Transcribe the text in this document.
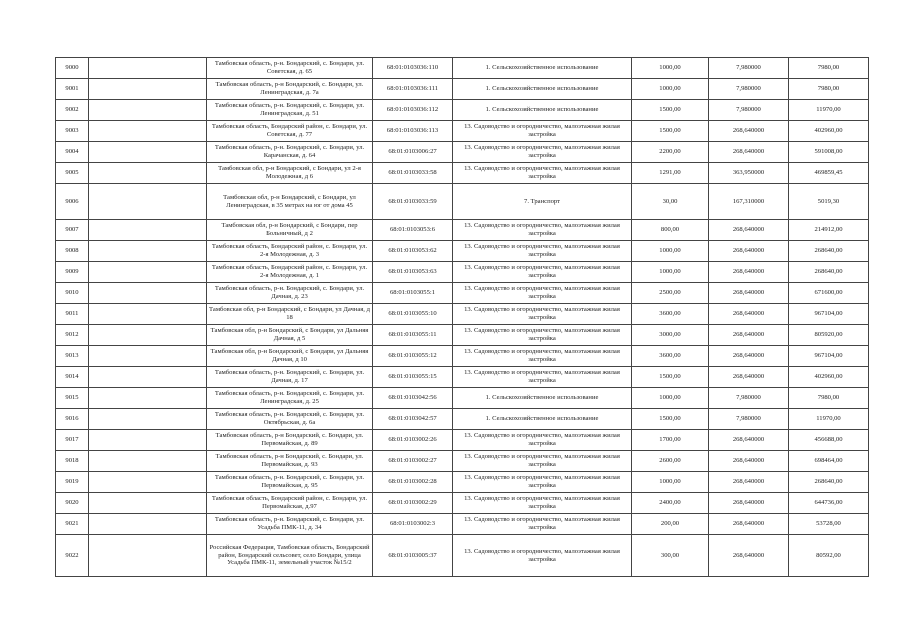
9000		Тамбовская область, р-н. Бондарский, с. Бондари, ул. Советская, д. 65	68:01:0103036:110	1. Сельскохозяйственное использование	1000,00	7,980000	7980,00
9001		Тамбовская область, р-н Бондарский, с. Бондари, ул. Ленинградская, д. 7а	68:01:0103036:111	1. Сельскохозяйственное использование	1000,00	7,980000	7980,00
9002		Тамбовская область, р-н. Бондарский, с. Бондари, ул. Ленинградская, д. 51	68:01:0103036:112	1. Сельскохозяйственное использование	1500,00	7,980000	11970,00
9003		Тамбовская область, Бондарский район, с. Бондари, ул. Советская, д. 77	68:01:0103036:113	13. Садоводство и огородничество, малоэтажная жилая застройка	1500,00	268,640000	402960,00
9004		Тамбовская область, р-н. Бондарский, с. Бондари, ул. Карачанская, д. 64	68:01:0103006:27	13. Садоводство и огородничество, малоэтажная жилая застройка	2200,00	268,640000	591008,00
9005		Тамбовская обл, р-н Бондарский, с Бондари, ул 2-я Молодежная, д 6	68:01:0103033:58	13. Садоводство и огородничество, малоэтажная жилая застройка	1291,00	363,950000	469859,45
9006		Тамбовская обл, р-н Бондарский, с Бондари, ул Ленинградская, в 35 метрах на юг от дома 45	68:01:0103033:59	7. Транспорт	30,00	167,310000	5019,30
9007		Тамбовская обл, р-н Бондарский, с Бондари, пер Больничный, д 2	68:01:0103053:6	13. Садоводство и огородничество, малоэтажная жилая застройка	800,00	268,640000	214912,00
9008		Тамбовская область, Бондарский район, с. Бондари, ул. 2-я Молодежная, д. 3	68:01:0103053:62	13. Садоводство и огородничество, малоэтажная жилая застройка	1000,00	268,640000	268640,00
9009		Тамбовская область, Бондарский район, с. Бондари, ул. 2-я Молодежная, д. 1	68:01:0103053:63	13. Садоводство и огородничество, малоэтажная жилая застройка	1000,00	268,640000	268640,00
9010		Тамбовская область, р-н. Бондарский, с. Бондари, ул. Дачная, д. 23	68:01:0103055:1	13. Садоводство и огородничество, малоэтажная жилая застройка	2500,00	268,640000	671600,00
9011		Тамбовская обл, р-н Бондарский, с Бондари, ул Дачная, д 18	68:01:0103055:10	13. Садоводство и огородничество, малоэтажная жилая застройка	3600,00	268,640000	967104,00
9012		Тамбовская обл, р-н Бондарский, с Бондари, ул Дальняя Дачная, д 5	68:01:0103055:11	13. Садоводство и огородничество, малоэтажная жилая застройка	3000,00	268,640000	805920,00
9013		Тамбовская обл, р-н Бондарский, с Бондари, ул Дальняя Дачная, д 10	68:01:0103055:12	13. Садоводство и огородничество, малоэтажная жилая застройка	3600,00	268,640000	967104,00
9014		Тамбовская область, р-н. Бондарский, с. Бондари, ул. Дачная, д. 17	68:01:0103055:15	13. Садоводство и огородничество, малоэтажная жилая застройка	1500,00	268,640000	402960,00
9015		Тамбовская область, р-н. Бондарский, с. Бондари, ул. Ленинградская, д. 25	68:01:0103042:56	1. Сельскохозяйственное использование	1000,00	7,980000	7980,00
9016		Тамбовская область, р-н. Бондарский, с. Бондари, ул. Октябрьская, д. 6а	68:01:0103042:57	1. Сельскохозяйственное использование	1500,00	7,980000	11970,00
9017		Тамбовская область, р-н Бондарский, с. Бондари, ул. Первомайская, д. 89	68:01:0103002:26	13. Садоводство и огородничество, малоэтажная жилая застройка	1700,00	268,640000	456688,00
9018		Тамбовская область, р-н Бондарский, с. Бондари, ул. Первомайская, д. 93	68:01:0103002:27	13. Садоводство и огородничество, малоэтажная жилая застройка	2600,00	268,640000	698464,00
9019		Тамбовская область, р-н. Бондарский, с. Бондари, ул. Первомайская, д. 95	68:01:0103002:28	13. Садоводство и огородничество, малоэтажная жилая застройка	1000,00	268,640000	268640,00
9020		Тамбовская область, Бондарский район, с. Бондари, ул. Первомайская, д.97	68:01:0103002:29	13. Садоводство и огородничество, малоэтажная жилая застройка	2400,00	268,640000	644736,00
9021		Тамбовская область, р-н. Бондарский, с. Бондари, ул. Усадьба ПМК-11, д. 34	68:01:0103002:3	13. Садоводство и огородничество, малоэтажная жилая застройка	200,00	268,640000	53728,00
9022		Российская Федерация, Тамбовская область, Бондарский район, Бондарский сельсовет, село Бондари, улица Усадьба ПМК-11, земельный участок №15/2	68:01:0103005:37	13. Садоводство и огородничество, малоэтажная жилая застройка	300,00	268,640000	80592,00
